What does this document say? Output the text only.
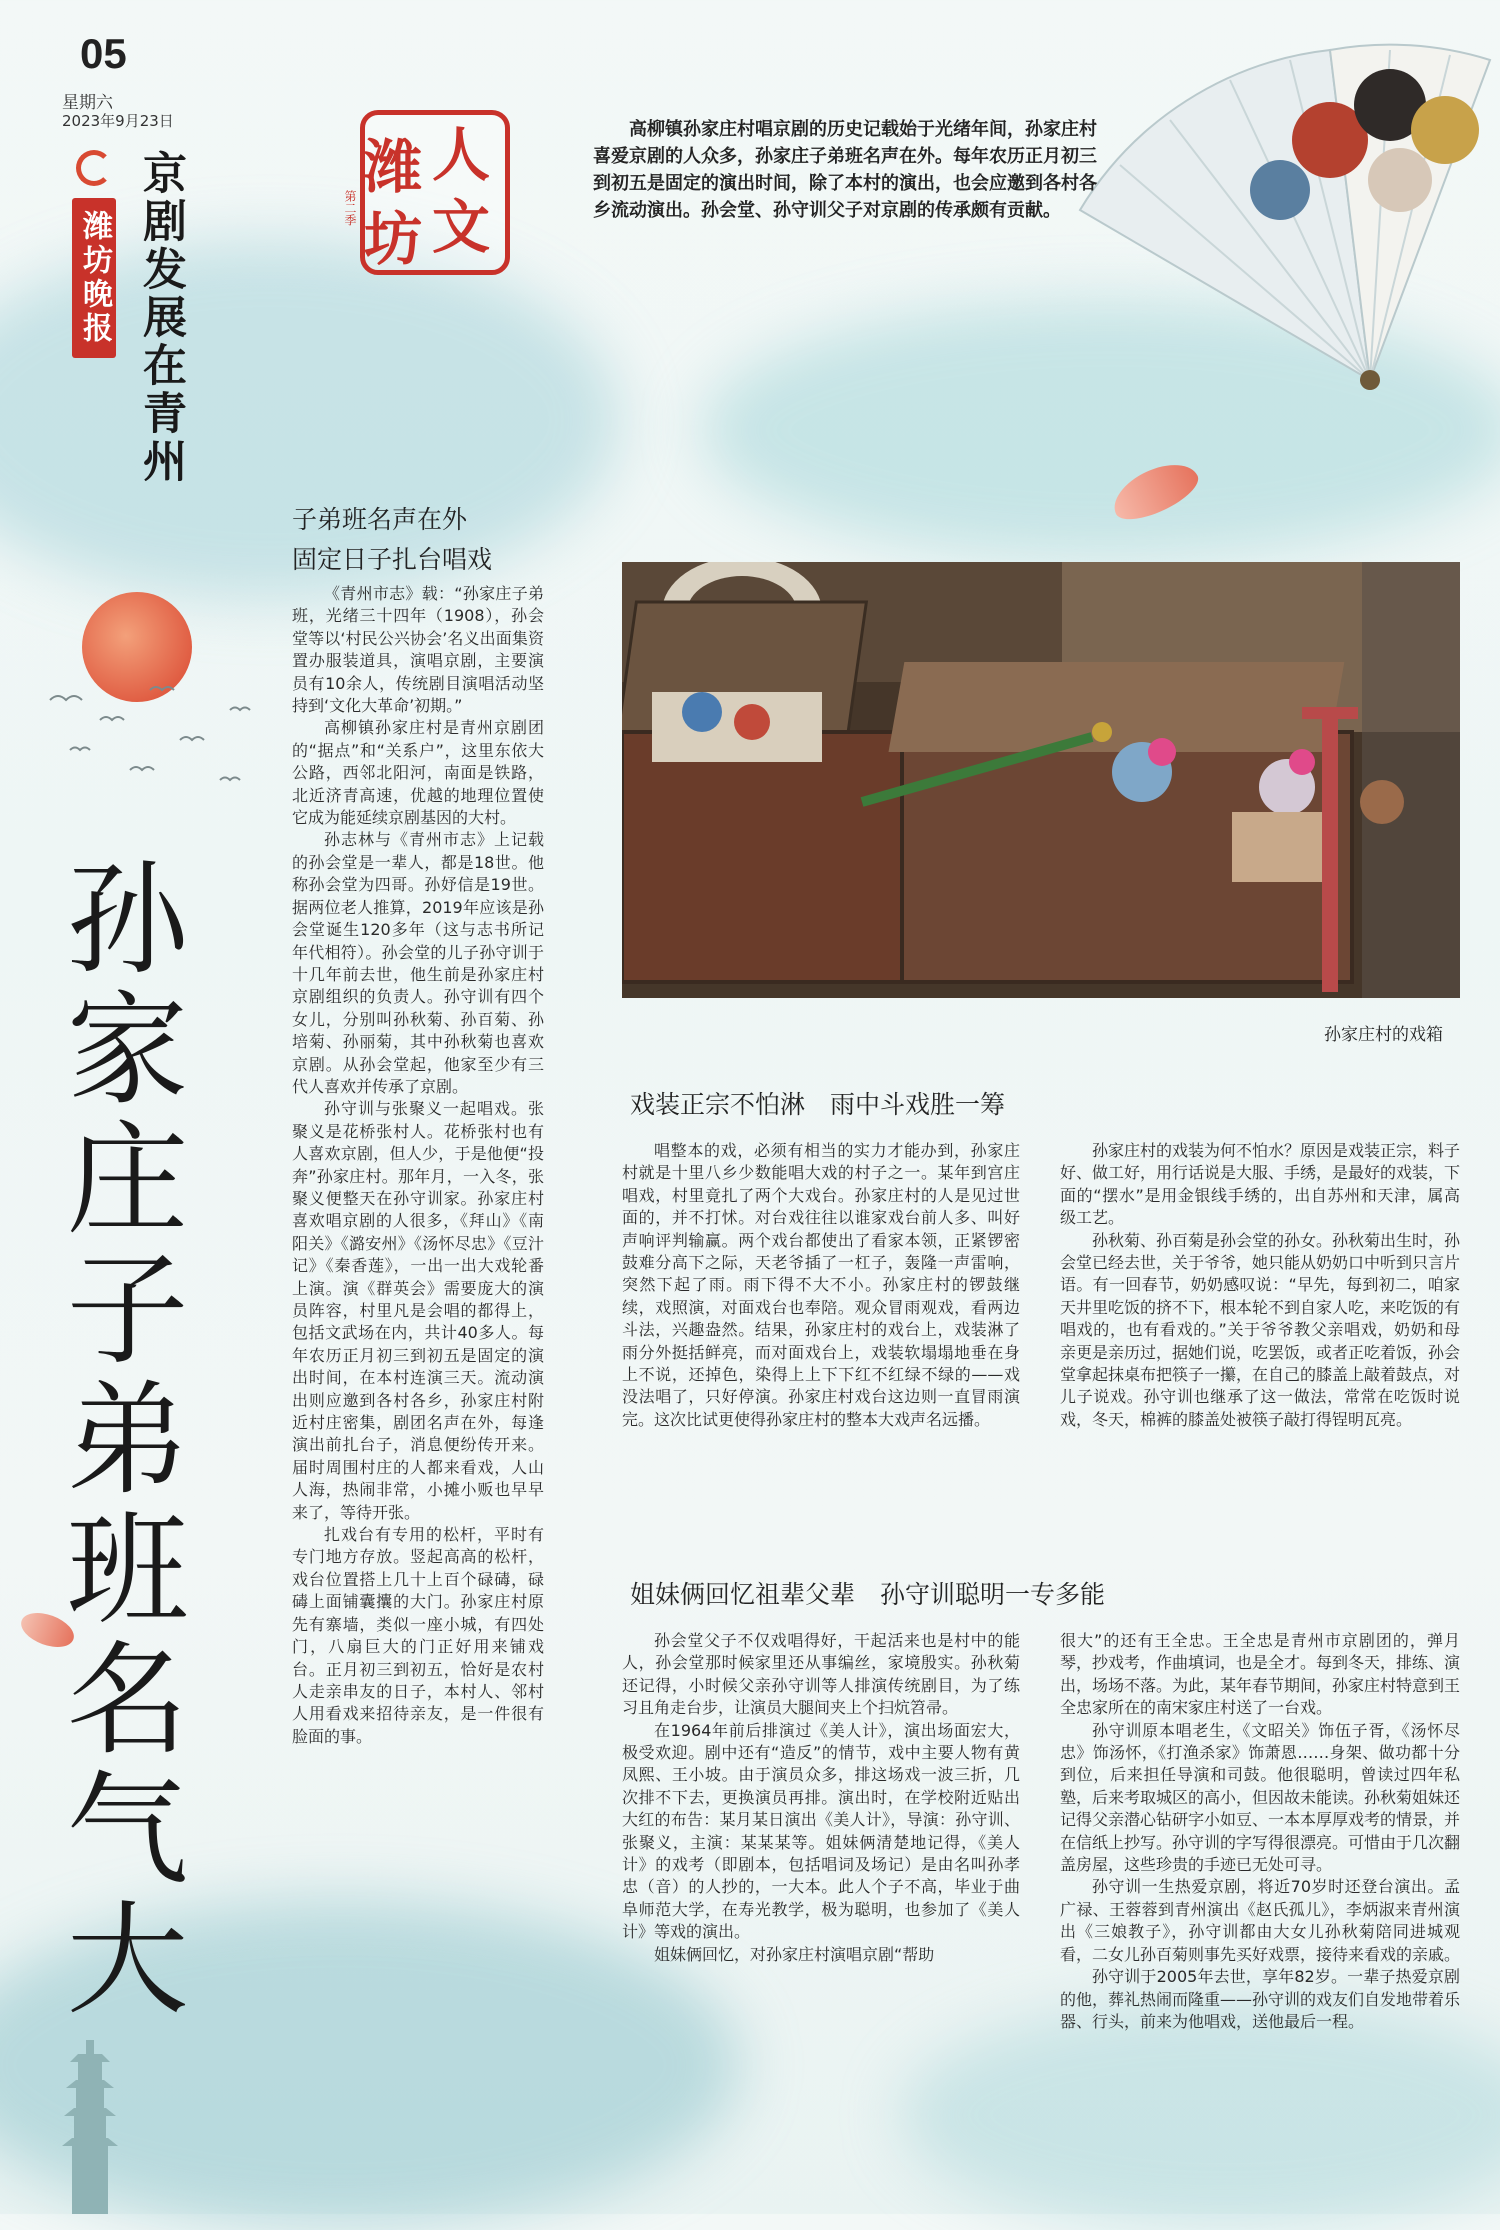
05
星期六
2023年9月23日
潍坊晚报 京剧发展在青州	潍 人
坊 文
第二季
高柳镇孙家庄村唱京剧的历史记载始于光绪年间，孙家庄村喜爱京剧的人众多，孙家庄子弟班名声在外。每年农历正月初三到初五是固定的演出时间，除了本村的演出，也会应邀到各村各乡流动演出。孙会堂、孙守训父子对京剧的传承颇有贡献。
孙家庄子弟班名气大
子弟班名声在外
固定日子扎台唱戏

《青州市志》载：“孙家庄子弟班，光绪三十四年（1908），孙会堂等以‘村民公兴协会’名义出面集资置办服装道具，演唱京剧，主要演员有10余人，传统剧目演唱活动坚持到‘文化大革命’初期。”

高柳镇孙家庄村是青州京剧团的“据点”和“关系户”，这里东依大公路，西邻北阳河，南面是铁路，北近济青高速，优越的地理位置使它成为能延续京剧基因的大村。

孙志林与《青州市志》上记载的孙会堂是一辈人，都是18世。他称孙会堂为四哥。孙妤信是19世。据两位老人推算，2019年应该是孙会堂诞生120多年（这与志书所记年代相符）。孙会堂的儿子孙守训于十几年前去世，他生前是孙家庄村京剧组织的负责人。孙守训有四个女儿，分别叫孙秋菊、孙百菊、孙培菊、孙丽菊，其中孙秋菊也喜欢京剧。从孙会堂起，他家至少有三代人喜欢并传承了京剧。

孙守训与张聚义一起唱戏。张聚义是花桥张村人。花桥张村也有人喜欢京剧，但人少，于是他便“投奔”孙家庄村。那年月，一入冬，张聚义便整天在孙守训家。孙家庄村喜欢唱京剧的人很多，《拜山》《南阳关》《潞安州》《汤怀尽忠》《豆汁记》《秦香莲》，一出一出大戏轮番上演。演《群英会》需要庞大的演员阵容，村里凡是会唱的都得上，包括文武场在内，共计40多人。每年农历正月初三到初五是固定的演出时间，在本村连演三天。流动演出则应邀到各村各乡，孙家庄村附近村庄密集，剧团名声在外，每逢演出前扎台子，消息便纷传开来。届时周围村庄的人都来看戏，人山人海，热闹非常，小摊小贩也早早来了，等待开张。

扎戏台有专用的松杆，平时有专门地方存放。竖起高高的松杆，戏台位置搭上几十上百个碌碡，碌碡上面铺囊攮的大门。孙家庄村原先有寨墙，类似一座小城，有四处门，八扇巨大的门正好用来铺戏台。正月初三到初五，恰好是农村人走亲串友的日子，本村人、邻村人用看戏来招待亲友，是一件很有脸面的事。

孙家庄村的戏箱
戏装正宗不怕淋　雨中斗戏胜一筹

唱整本的戏，必须有相当的实力才能办到，孙家庄村就是十里八乡少数能唱大戏的村子之一。某年到宫庄唱戏，村里竟扎了两个大戏台。孙家庄村的人是见过世面的，并不打怵。对台戏往往以谁家戏台前人多、叫好声响评判输赢。两个戏台都使出了看家本领，正紧锣密鼓难分高下之际，天老爷插了一杠子，轰隆一声雷响，突然下起了雨。雨下得不大不小。孙家庄村的锣鼓继续，戏照演，对面戏台也奉陪。观众冒雨观戏，看两边斗法，兴趣盎然。结果，孙家庄村的戏台上，戏装淋了雨分外挺括鲜亮，而对面戏台上，戏装软塌塌地垂在身上不说，还掉色，染得上上下下红不红绿不绿的——戏没法唱了，只好停演。孙家庄村戏台这边则一直冒雨演完。这次比试更使得孙家庄村的整本大戏声名远播。

孙家庄村的戏装为何不怕水？原因是戏装正宗，料子好、做工好，用行话说是大服、手绣，是最好的戏装，下面的“摆水”是用金银线手绣的，出自苏州和天津，属高级工艺。

孙秋菊、孙百菊是孙会堂的孙女。孙秋菊出生时，孙会堂已经去世，关于爷爷，她只能从奶奶口中听到只言片语。有一回春节，奶奶感叹说：“早先，每到初二，咱家天井里吃饭的挤不下，根本轮不到自家人吃，来吃饭的有唱戏的，也有看戏的。”关于爷爷教父亲唱戏，奶奶和母亲更是亲历过，据她们说，吃罢饭，或者正吃着饭，孙会堂拿起抹桌布把筷子一攥，在自己的膝盖上敲着鼓点，对儿子说戏。孙守训也继承了这一做法，常常在吃饭时说戏，冬天，棉裤的膝盖处被筷子敲打得锃明瓦亮。

姐妹俩回忆祖辈父辈　孙守训聪明一专多能

孙会堂父子不仅戏唱得好，干起活来也是村中的能人，孙会堂那时候家里还从事编丝，家境殷实。孙秋菊还记得，小时候父亲孙守训等人排演传统剧目，为了练习且角走台步，让演员大腿间夹上个扫炕笤帚。

在1964年前后排演过《美人计》，演出场面宏大，极受欢迎。剧中还有“造反”的情节，戏中主要人物有黄凤熙、王小坡。由于演员众多，排这场戏一波三折，几次排不下去，更换演员再排。演出时，在学校附近贴出大红的布告：某月某日演出《美人计》，导演：孙守训、张聚义，主演：某某某等。姐妹俩清楚地记得，《美人计》的戏考（即剧本，包括唱词及场记）是由名叫孙孝忠（音）的人抄的，一大本。此人个子不高，毕业于曲阜师范大学，在寿光教学，极为聪明，也参加了《美人计》等戏的演出。

姐妹俩回忆，对孙家庄村演唱京剧“帮助

很大”的还有王全忠。王全忠是青州市京剧团的，弹月琴，抄戏考，作曲填词，也是全才。每到冬天，排练、演出，场场不落。为此，某年春节期间，孙家庄村特意到王全忠家所在的南宋家庄村送了一台戏。

孙守训原本唱老生，《文昭关》饰伍子胥，《汤怀尽忠》饰汤怀，《打渔杀家》饰萧恩……身架、做功都十分到位，后来担任导演和司鼓。他很聪明，曾读过四年私塾，后来考取城区的高小，但因故未能读。孙秋菊姐妹还记得父亲潜心钻研字小如豆、一本本厚厚戏考的情景，并在信纸上抄写。孙守训的字写得很漂亮。可惜由于几次翻盖房屋，这些珍贵的手迹已无处可寻。

孙守训一生热爱京剧，将近70岁时还登台演出。孟广禄、王蓉蓉到青州演出《赵氏孤儿》，李炳淑来青州演出《三娘教子》，孙守训都由大女儿孙秋菊陪同进城观看，二女儿孙百菊则事先买好戏票，接待来看戏的亲戚。

孙守训于2005年去世，享年82岁。一辈子热爱京剧的他，葬礼热闹而隆重——孙守训的戏友们自发地带着乐器、行头，前来为他唱戏，送他最后一程。
